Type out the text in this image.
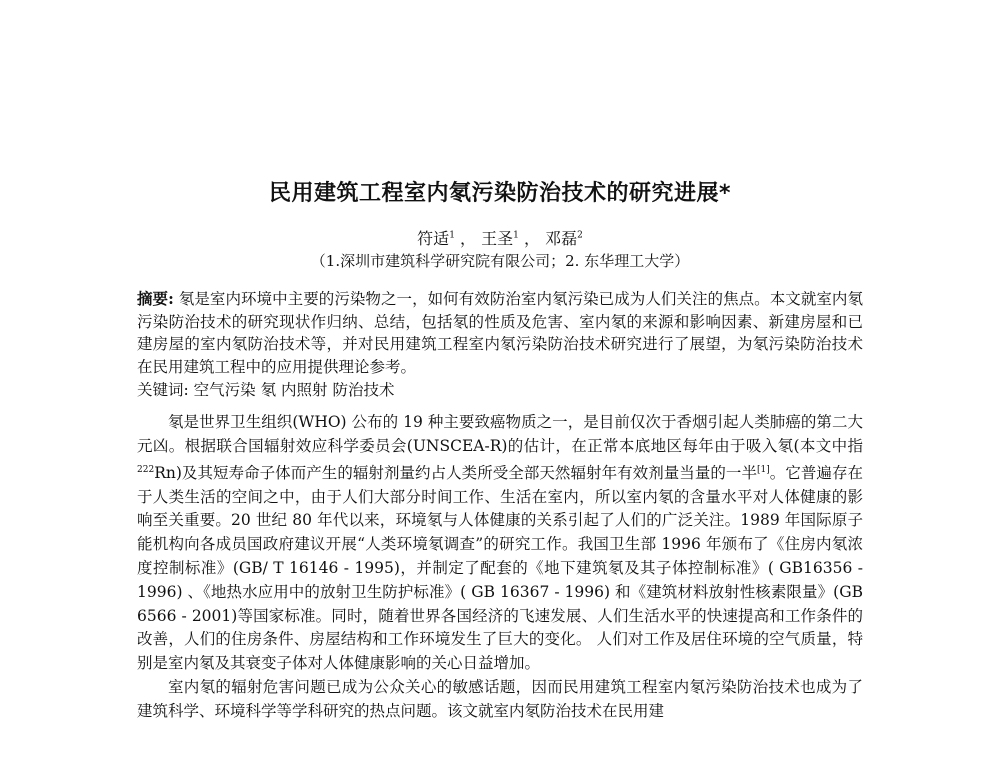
民用建筑工程室内氡污染防治技术的研究进展*
符适$^1$ ， 王圣$^1$ ， 邓磊$^2$
（1.深圳市建筑科学研究院有限公司；2. 东华理工大学）
摘要: 氡是室内环境中主要的污染物之一，如何有效防治室内氡污染已成为人们关注的焦点。本文就室内氡污染防治技术的研究现状作归纳、总结，包括氡的性质及危害、室内氡的来源和影响因素、新建房屋和已建房屋的室内氡防治技术等，并对民用建筑工程室内氡污染防治技术研究进行了展望，为氡污染防治技术在民用建筑工程中的应用提供理论参考。
关键词: 空气污染 氡 内照射 防治技术

氡是世界卫生组织(WHO) 公布的 19 种主要致癌物质之一，是目前仅次于香烟引起人类肺癌的第二大元凶。根据联合国辐射效应科学委员会(UNSCEA-R)的估计，在正常本底地区每年由于吸入氡(本文中指$^{222}$Rn)及其短寿命子体而产生的辐射剂量约占人类所受全部天然辐射年有效剂量当量的一半[1]。它普遍存在于人类生活的空间之中，由于人们大部分时间工作、生活在室内，所以室内氡的含量水平对人体健康的影响至关重要。20 世纪 80 年代以来，环境氡与人体健康的关系引起了人们的广泛关注。1989 年国际原子能机构向各成员国政府建议开展“人类环境氡调查”的研究工作。我国卫生部 1996 年颁布了《住房内氡浓度控制标准》(GB/ T 16146 - 1995)，并制定了配套的《地下建筑氡及其子体控制标准》( GB16356 - 1996) 、《地热水应用中的放射卫生防护标准》( GB 16367 - 1996) 和《建筑材料放射性核素限量》(GB 6566 - 2001)等国家标准。同时，随着世界各国经济的飞速发展、人们生活水平的快速提高和工作条件的改善，人们的住房条件、房屋结构和工作环境发生了巨大的变化。 人们对工作及居住环境的空气质量，特别是室内氡及其衰变子体对人体健康影响的关心日益增加。

室内氡的辐射危害问题已成为公众关心的敏感话题，因而民用建筑工程室内氡污染防治技术也成为了建筑科学、环境科学等学科研究的热点问题。该文就室内氡防治技术在民用建
